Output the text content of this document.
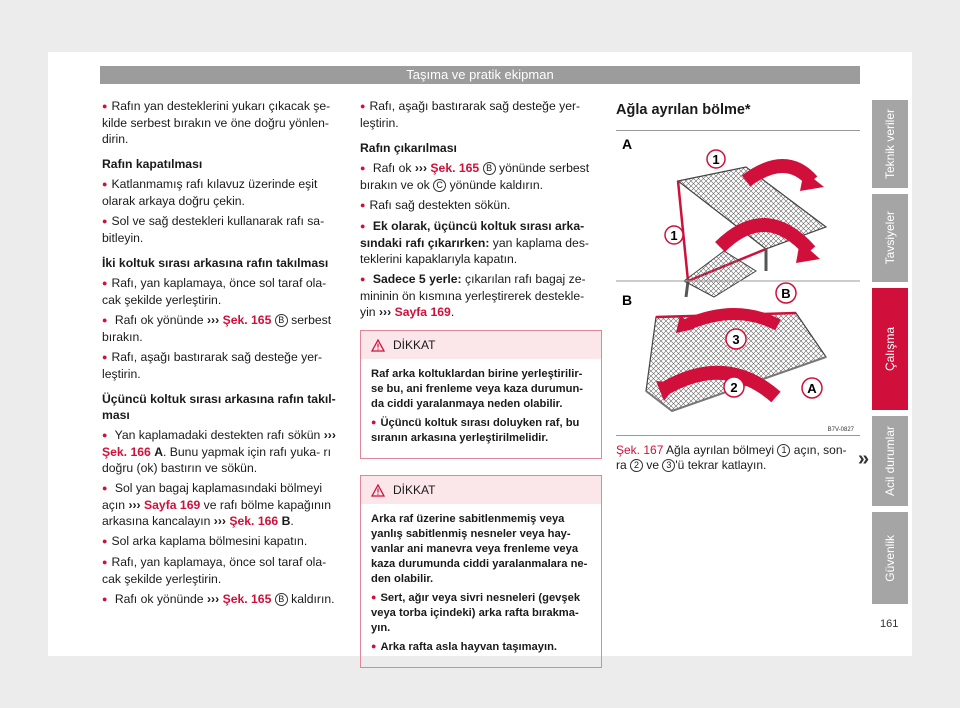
Taşıma ve pratik ekipman

● Rafın yan desteklerini yukarı çıkacak şe- kilde serbest bırakın ve öne doğru yönlen- dirin.

Rafın kapatılması

● Katlanmamış rafı kılavuz üzerinde eşit olarak arkaya doğru çekin.

● Sol ve sağ destekleri kullanarak rafı sa- bitleyin.

İki koltuk sırası arkasına rafın takılması

● Rafı, yan kaplamaya, önce sol taraf ola- cak şekilde yerleştirin.

● Rafı ok yönünde ››› Şek. 165 B serbest bırakın.

● Rafı, aşağı bastırarak sağ desteğe yer- leştirin.

Üçüncü koltuk sırası arkasına rafın takıl- ması

● Yan kaplamadaki destekten rafı sökün ››› Şek. 166 A. Bunu yapmak için rafı yuka- rı doğru (ok) bastırın ve sökün.

● Sol yan bagaj kaplamasındaki bölmeyi açın ››› Sayfa 169 ve rafı bölme kapağının arkasına kancalayın ››› Şek. 166 B.

● Sol arka kaplama bölmesini kapatın.

● Rafı, yan kaplamaya, önce sol taraf ola- cak şekilde yerleştirin.

● Rafı ok yönünde ››› Şek. 165 B kaldırın.

● Rafı, aşağı bastırarak sağ desteğe yer- leştirin.

Rafın çıkarılması

● Rafı ok ››› Şek. 165 B yönünde serbest bırakın ve ok C yönünde kaldırın.

● Rafı sağ destekten sökün.

● Ek olarak, üçüncü koltuk sırası arka- sındaki rafı çıkarırken: yan kaplama des- teklerini kapaklarıyla kapatın.

● Sadece 5 yerle: çıkarılan rafı bagaj ze- mininin ön kısmına yerleştirerek destekle- yin ››› Sayfa 169.

DİKKAT

Raf arka koltuklardan birine yerleştirilir- se bu, ani frenleme veya kaza durumun- da ciddi yaralanmaya neden olabilir.

● Üçüncü koltuk sırası doluyken raf, bu sıranın arkasına yerleştirilmelidir.

DİKKAT

Arka raf üzerine sabitlenmemiş veya yanlış sabitlenmiş nesneler veya hay- vanlar ani manevra veya frenleme veya kaza durumunda ciddi yaralanmalara ne- den olabilir.

● Sert, ağır veya sivri nesneleri (gevşek veya torba içindeki) arka rafta bırakma- yın.

● Arka rafta asla hayvan taşımayın.

Ağla ayrılan bölme*
A
1
1
B	B
3
2	A
B7V-0827
Şek. 167 Ağla ayrılan bölmeyi 1 açın, son- ra 2 ve 3 'ü tekrar katlayın.	»
Teknik veriler
Tavsiyeler
Çalışma
Acil durumlar
Güvenlik
161
